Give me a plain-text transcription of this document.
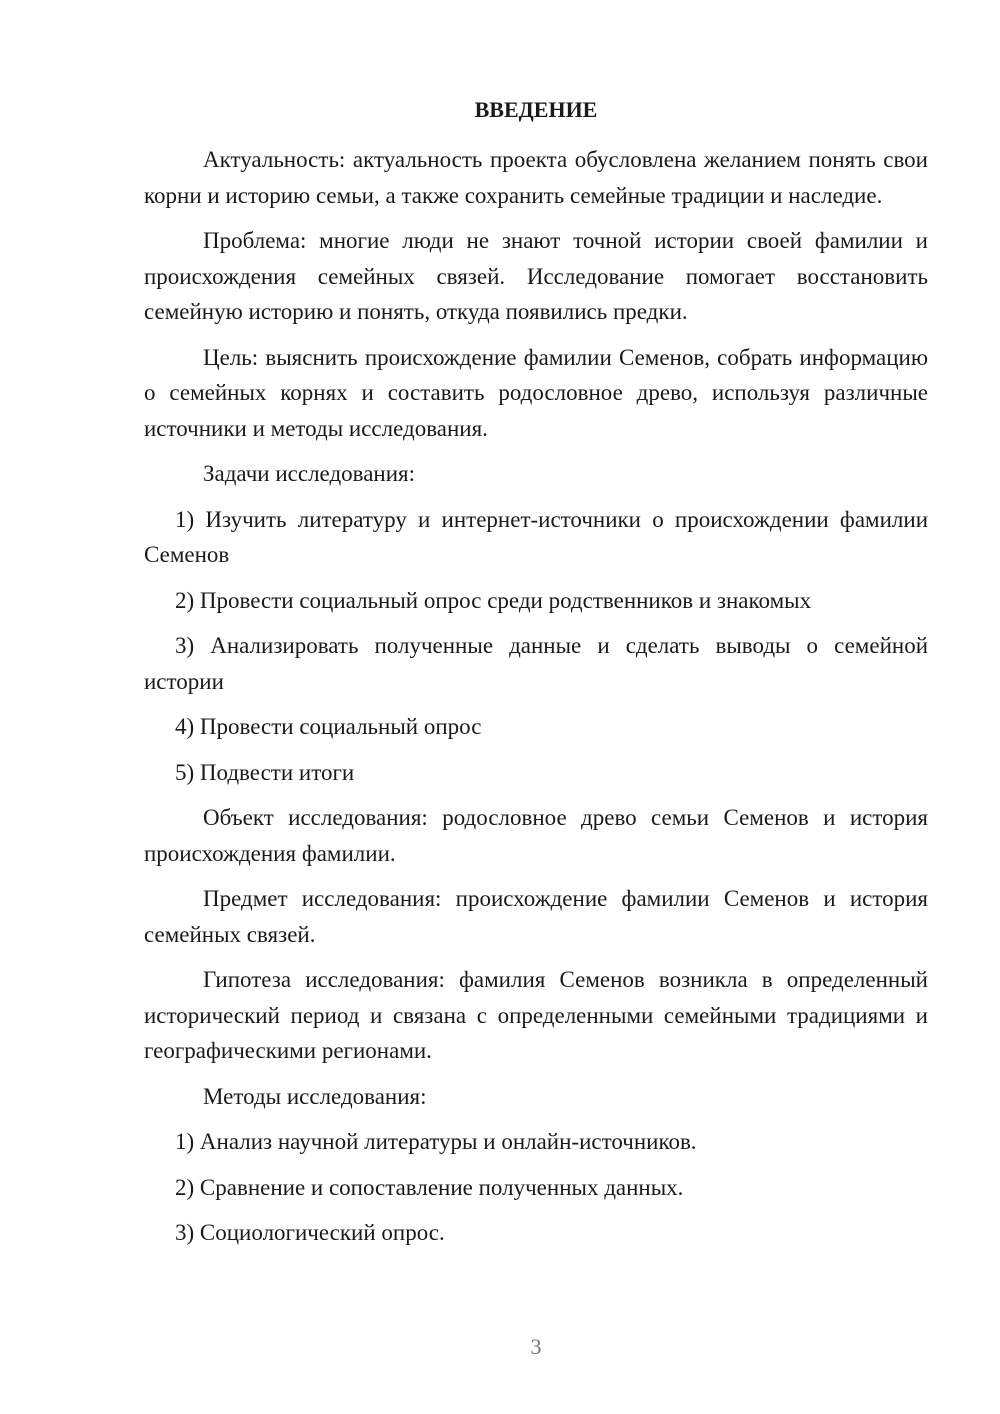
ВВЕДЕНИЕ

Актуальность: актуальность проекта обусловлена желанием понять свои корни и историю семьи, а также сохранить семейные традиции и наследие.

Проблема: многие люди не знают точной истории своей фамилии и происхождения семейных связей. Исследование помогает восстановить семейную историю и понять, откуда появились предки.

Цель: выяснить происхождение фамилии Семенов, собрать информацию о семейных корнях и составить родословное древо, используя различные источники и методы исследования.

Задачи исследования:

1) Изучить литературу и интернет-источники о происхождении фамилии Семенов

2) Провести социальный опрос среди родственников и знакомых

3) Анализировать полученные данные и сделать выводы о семейной истории

4) Провести социальный опрос

5) Подвести итоги

Объект исследования: родословное древо семьи Семенов и история происхождения фамилии.

Предмет исследования: происхождение фамилии Семенов и история семейных связей.

Гипотеза исследования: фамилия Семенов возникла в определенный исторический период и связана с определенными семейными традициями и географическими регионами.

Методы исследования:

1) Анализ научной литературы и онлайн-источников.

2) Сравнение и сопоставление полученных данных.

3) Социологический опрос.

3
